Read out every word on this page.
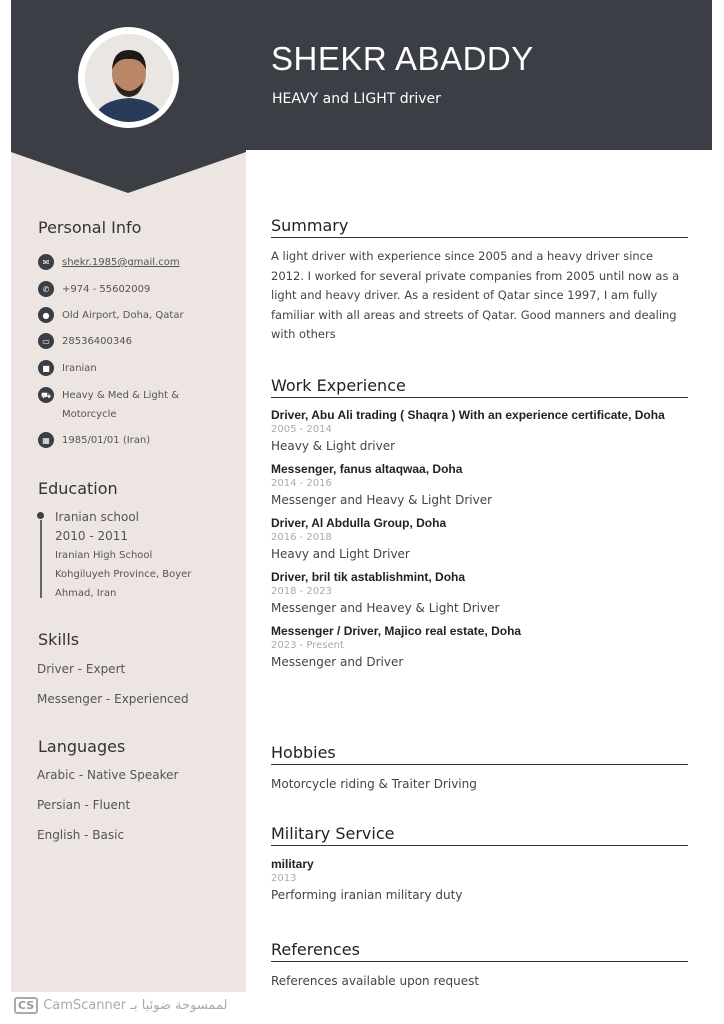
SHEKR ABADDY
HEAVY and LIGHT driver
Personal Info
✉	shekr.1985@gmail.com
✆	+974 - 55602009
●	Old Airport, Doha, Qatar
▭	28536400346
■	Iranian
⛟ Heavy & Med & Light & Motorcycle
▦	1985/01/01 (Iran)
Education
Iranian school
2010 - 2011
Iranian High School
Kohgiluyeh Province, Boyer Ahmad, Iran
Skills
Driver - Expert
Messenger - Experienced
Languages
Arabic - Native Speaker
Persian - Fluent
English - Basic
Summary
A light driver with experience since 2005 and a heavy driver since 2012. I worked for several private companies from 2005 until now as a light and heavy driver. As a resident of Qatar since 1997, I am fully familiar with all areas and streets of Qatar. Good manners and dealing with others
Work Experience
Driver, Abu Ali trading ( Shaqra ) With an experience certificate, Doha
2005 - 2014
Heavy & Light driver
Messenger, fanus altaqwaa, Doha
2014 - 2016
Messenger and Heavy & Light Driver
Driver, Al Abdulla Group, Doha
2016 - 2018
Heavy and Light Driver
Driver, bril tik astablishmint, Doha
2018 - 2023
Messenger and Heavey & Light Driver
Messenger / Driver, Majico real estate, Doha
2023 - Present
Messenger and Driver
Hobbies
Motorcycle riding & Traiter Driving
Military Service
military
2013
Performing iranian military duty
References
References available upon request
CS CamScanner لممسوحة ضوئيا بـ
